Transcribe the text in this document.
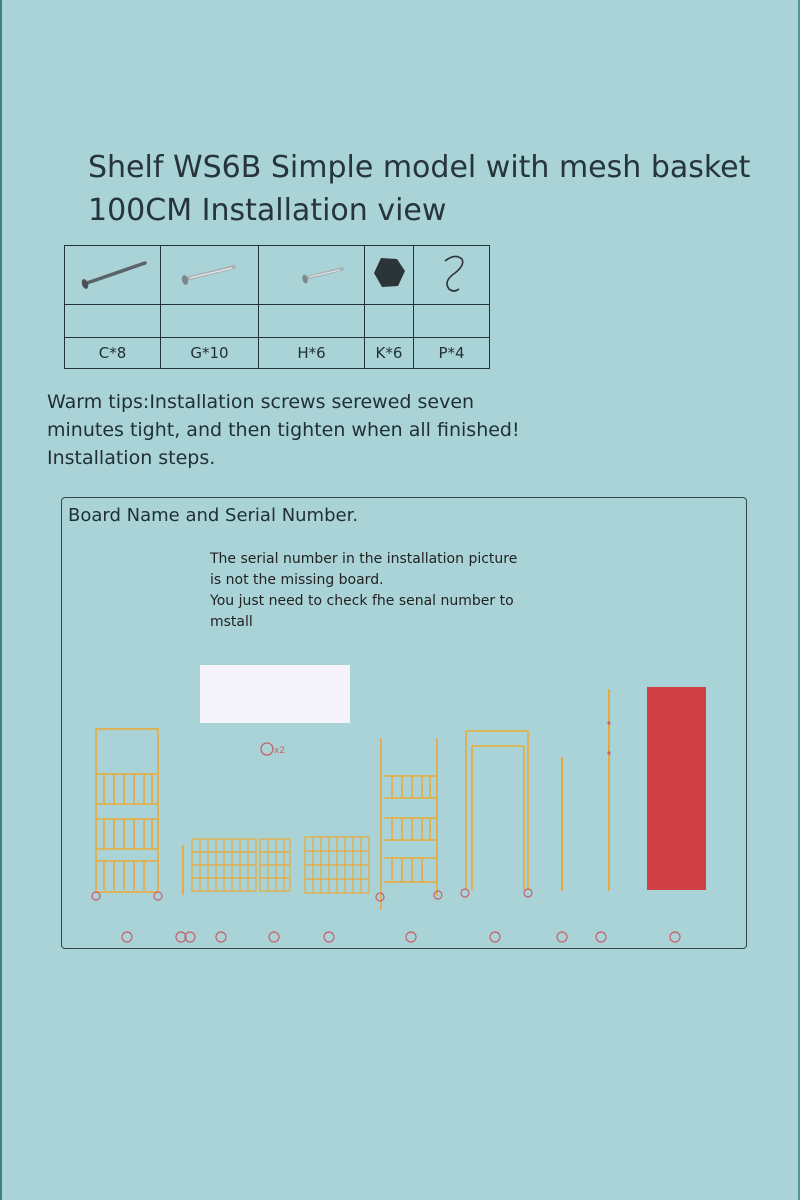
Shelf WS6B Simple model with mesh basket
100CM Installation view

C*8	G*10	H*6	K*6	P*4
Warm tips:Installation screws serewed seven
minutes tight, and then tighten when all finished!
Installation steps.
Board Name and Serial Number.
The serial number in the installation picture
is not the missing board.
You just need to check fhe senal number to
mstall
x2
